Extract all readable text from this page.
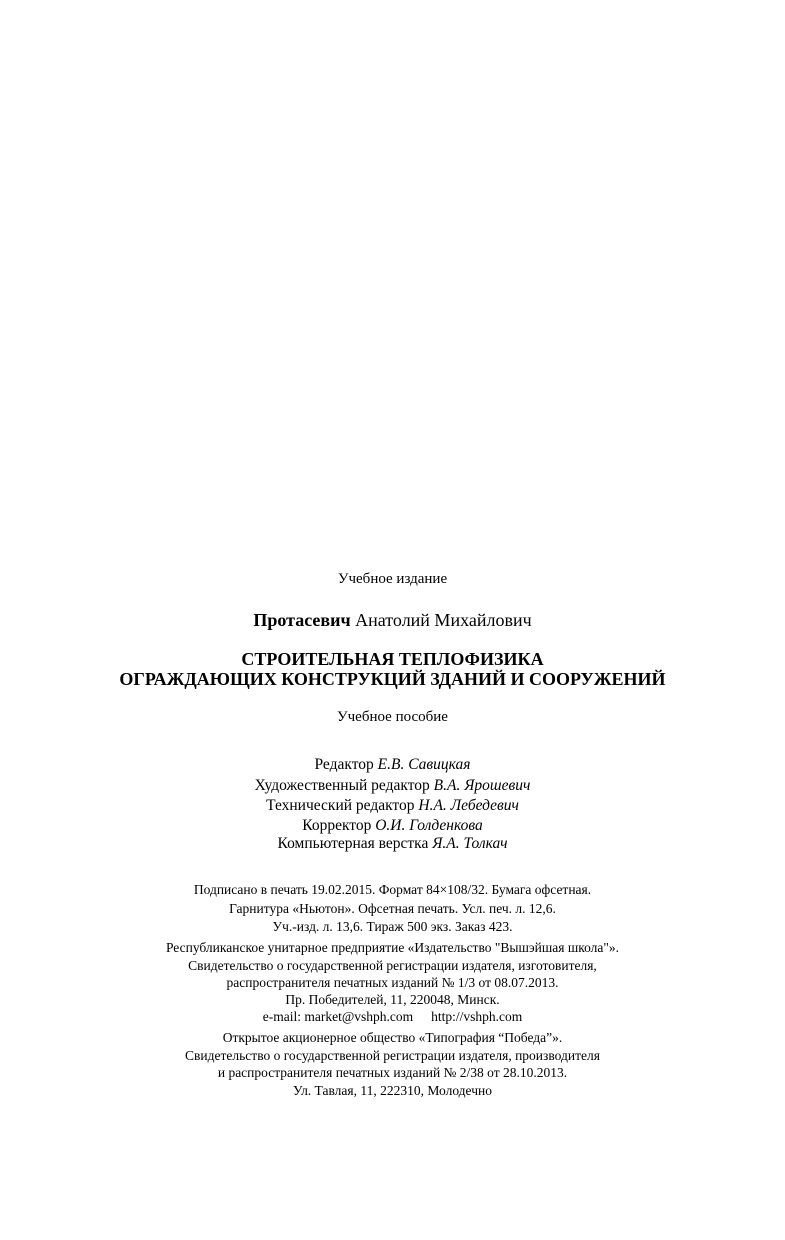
Учебное издание
Протасевич Анатолий Михайлович
СТРОИТЕЛЬНАЯ ТЕПЛОФИЗИКА
ОГРАЖДАЮЩИХ КОНСТРУКЦИЙ ЗДАНИЙ И СООРУЖЕНИЙ
Учебное пособие
Редактор Е.В. Савицкая
Художественный редактор В.А. Ярошевич
Технический редактор Н.А. Лебедевич
Корректор О.И. Голденкова
Компьютерная верстка Я.А. Толкач
Подписано в печать 19.02.2015. Формат 84×108/32. Бумага офсетная.
Гарнитура «Ньютон». Офсетная печать. Усл. печ. л. 12,6.
Уч.-изд. л. 13,6. Тираж 500 экз. Заказ 423.
Республиканское унитарное предприятие «Издательство "Вышэйшая школа"».
Свидетельство о государственной регистрации издателя, изготовителя,
распространителя печатных изданий № 1/3 от 08.07.2013.
Пр. Победителей, 11, 220048, Минск.
e-mail: market@vshph.com http://vshph.com
Открытое акционерное общество «Типография “Победа”».
Свидетельство о государственной регистрации издателя, производителя
и распространителя печатных изданий № 2/38 от 28.10.2013.
Ул. Тавлая, 11, 222310, Молодечно
